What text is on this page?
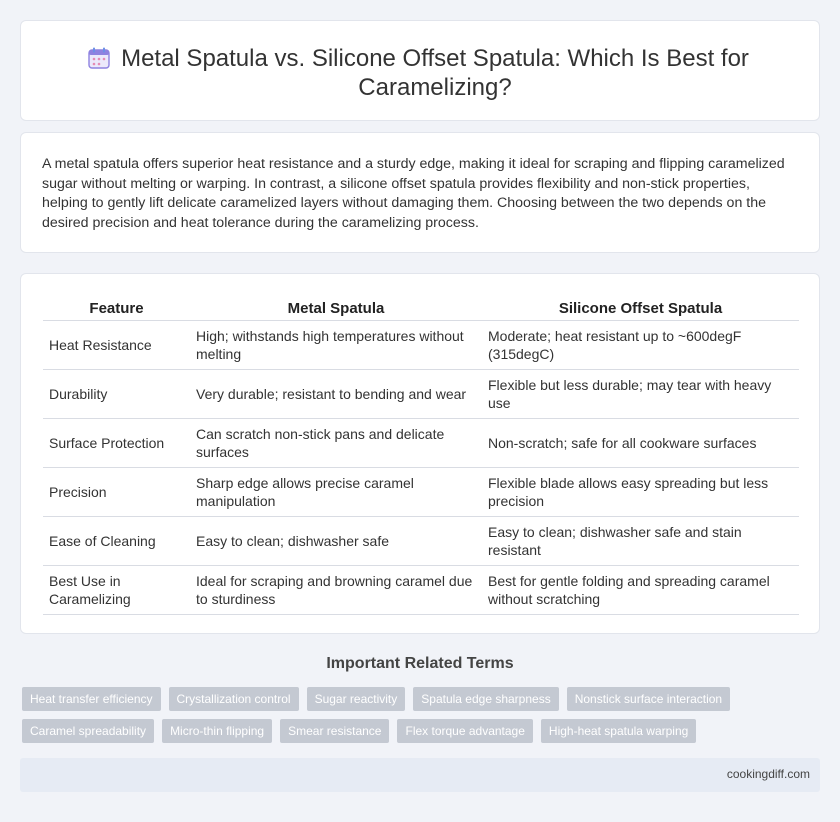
Metal Spatula vs. Silicone Offset Spatula: Which Is Best for Caramelizing?

A metal spatula offers superior heat resistance and a sturdy edge, making it ideal for scraping and flipping caramelized sugar without melting or warping. In contrast, a silicone offset spatula provides flexibility and non-stick properties, helping to gently lift delicate caramelized layers without damaging them. Choosing between the two depends on the desired precision and heat tolerance during the caramelizing process.

Feature	Metal Spatula	Silicone Offset Spatula
Heat Resistance	High; withstands high temperatures without melting	Moderate; heat resistant up to ~600degF (315degC)
Durability	Very durable; resistant to bending and wear	Flexible but less durable; may tear with heavy use
Surface Protection	Can scratch non-stick pans and delicate surfaces	Non-scratch; safe for all cookware surfaces
Precision	Sharp edge allows precise caramel manipulation	Flexible blade allows easy spreading but less precision
Ease of Cleaning	Easy to clean; dishwasher safe	Easy to clean; dishwasher safe and stain resistant
Best Use in Caramelizing	Ideal for scraping and browning caramel due to sturdiness	Best for gentle folding and spreading caramel without scratching
Important Related Terms
Heat transfer efficiency	Crystallization control	Sugar reactivity	Spatula edge sharpness	Nonstick surface interaction
Caramel spreadability	Micro-thin flipping	Smear resistance	Flex torque advantage	High-heat spatula warping
cookingdiff.com
